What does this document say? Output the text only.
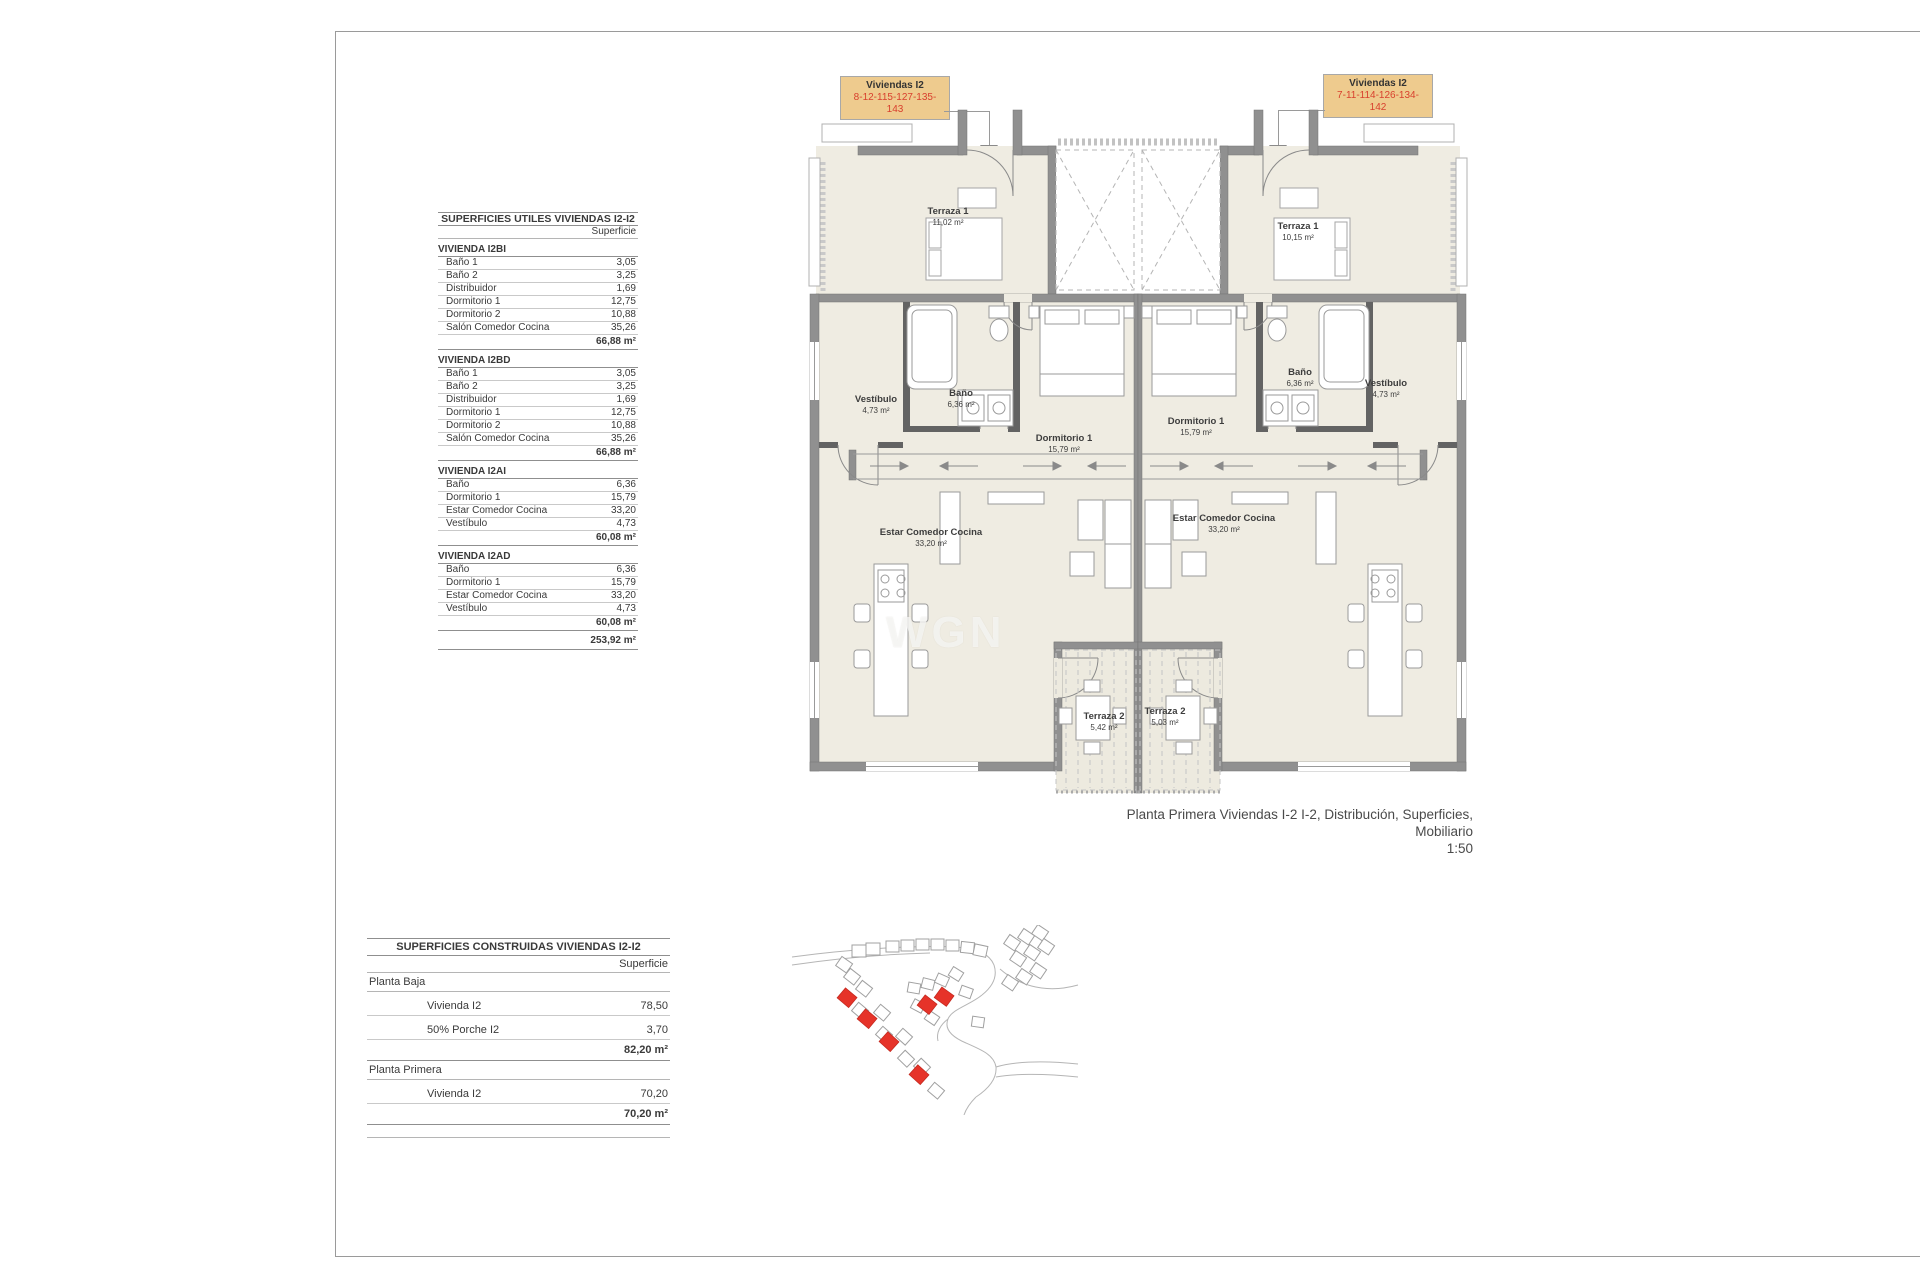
SUPERFICIES UTILES VIVIENDAS I2-I2
Superficie
VIVIENDA I2BI
Baño 1	3,05
Baño 2	3,25
Distribuidor	1,69
Dormitorio 1	12,75
Dormitorio 2	10,88
Salón Comedor Cocina	35,26
66,88 m²
VIVIENDA I2BD
Baño 1	3,05
Baño 2	3,25
Distribuidor	1,69
Dormitorio 1	12,75
Dormitorio 2	10,88
Salón Comedor Cocina	35,26
66,88 m²
VIVIENDA I2AI
Baño	6,36
Dormitorio 1	15,79
Estar Comedor Cocina	33,20
Vestíbulo	4,73
60,08 m²
VIVIENDA I2AD
Baño	6,36
Dormitorio 1	15,79
Estar Comedor Cocina	33,20
Vestíbulo	4,73
60,08 m²
253,92 m²
SUPERFICIES CONSTRUIDAS VIVIENDAS I2-I2
Superficie
Planta Baja
Vivienda I2	78,50
50% Porche I2	3,70
82,20 m²
Planta Primera
Vivienda I2	70,20
70,20 m²
Viviendas I2
8-12-115-127-135-143
Viviendas I2
7-11-114-126-134-142
Terraza 1
11,02 m²	Terraza 1
10,15 m²
Vestíbulo
4,73 m²
Baño
6,36 m²
Dormitorio 1
15,79 m²
Dormitorio 1
15,79 m²
Baño
6,36 m²	Vestíbulo
4,73 m²
Estar Comedor Cocina
33,20 m²
Estar Comedor Cocina
33,20 m²
Terraza 2
5,42 m²
Terraza 2
5,03 m²
WGN
Planta Primera Viviendas I-2 I-2, Distribución, Superficies, Mobiliario
1:50
